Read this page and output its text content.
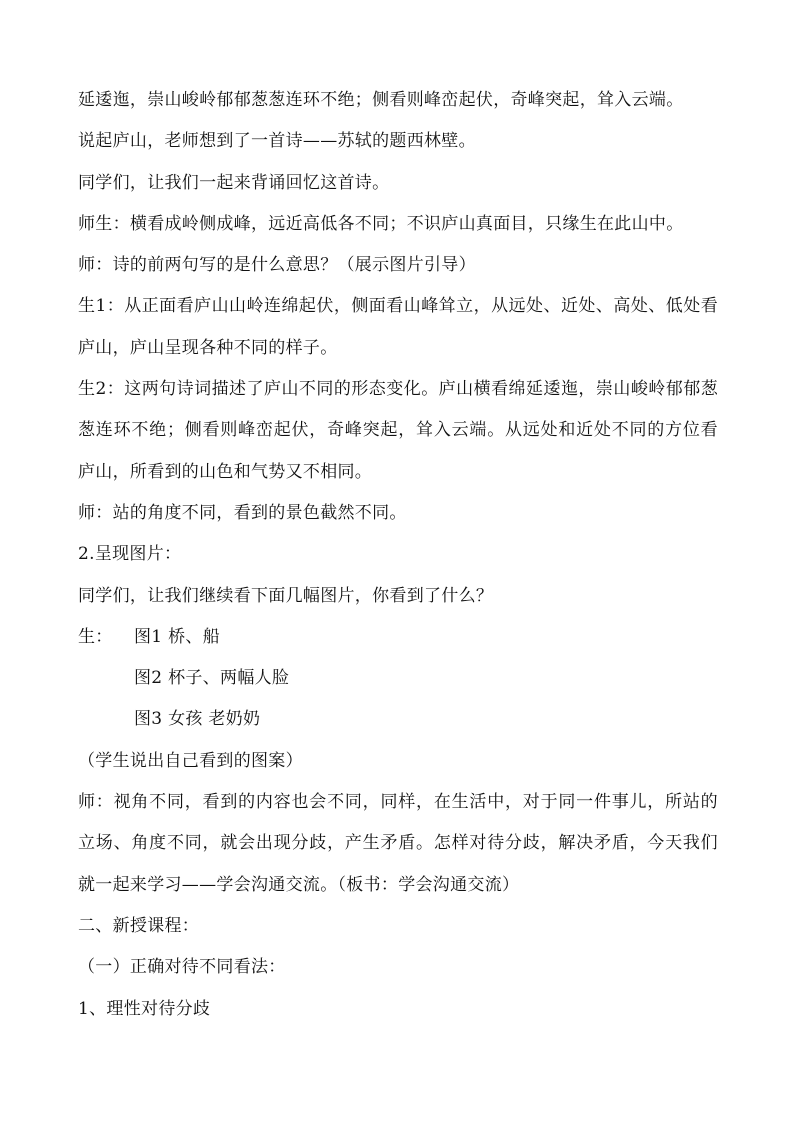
延逶迤，崇山峻岭郁郁葱葱连环不绝；侧看则峰峦起伏，奇峰突起，耸入云端。

说起庐山，老师想到了一首诗——苏轼的题西林壁。

同学们，让我们一起来背诵回忆这首诗。

师生：横看成岭侧成峰，远近高低各不同；不识庐山真面目，只缘生在此山中。

师：诗的前两句写的是什么意思？（展示图片引导）

生1：从正面看庐山山岭连绵起伏，侧面看山峰耸立，从远处、近处、高处、低处看庐山，庐山呈现各种不同的样子。

生2：这两句诗词描述了庐山不同的形态变化。庐山横看绵延逶迤，崇山峻岭郁郁葱葱连环不绝；侧看则峰峦起伏，奇峰突起，耸入云端。从远处和近处不同的方位看庐山，所看到的山色和气势又不相同。

师：站的角度不同，看到的景色截然不同。

2.呈现图片：

同学们，让我们继续看下面几幅图片，你看到了什么？

生：	图1 桥、船

图2 杯子、两幅人脸

图3 女孩 老奶奶

（学生说出自己看到的图案）

师：视角不同，看到的内容也会不同，同样，在生活中，对于同一件事儿，所站的立场、角度不同，就会出现分歧，产生矛盾。怎样对待分歧，解决矛盾，今天我们就一起来学习——学会沟通交流。（板书：学会沟通交流）

二、新授课程：

（一）正确对待不同看法：

1、理性对待分歧
